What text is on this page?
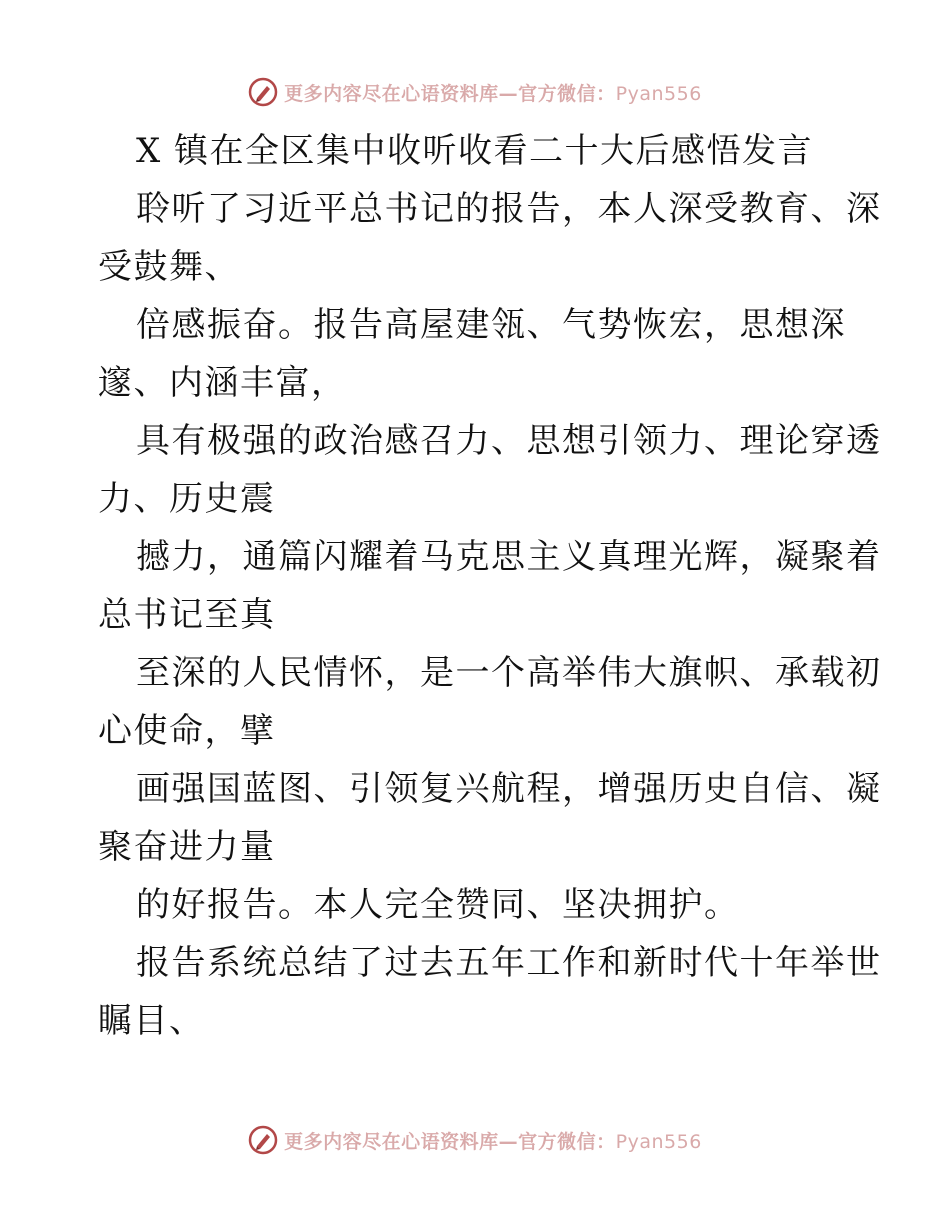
更多内容尽在心语资料库—官方微信：Pyan556
X 镇在全区集中收听收看二十大后感悟发言
聆听了习近平总书记的报告，本人深受教育、深
受鼓舞、
倍感振奋。报告高屋建瓴、气势恢宏，思想深
邃、内涵丰富，
具有极强的政治感召力、思想引领力、理论穿透
力、历史震
撼力，通篇闪耀着马克思主义真理光辉，凝聚着
总书记至真
至深的人民情怀，是一个高举伟大旗帜、承载初
心使命，擘
画强国蓝图、引领复兴航程，增强历史自信、凝
聚奋进力量
的好报告。本人完全赞同、坚决拥护。
报告系统总结了过去五年工作和新时代十年举世
瞩目、
更多内容尽在心语资料库—官方微信：Pyan556
